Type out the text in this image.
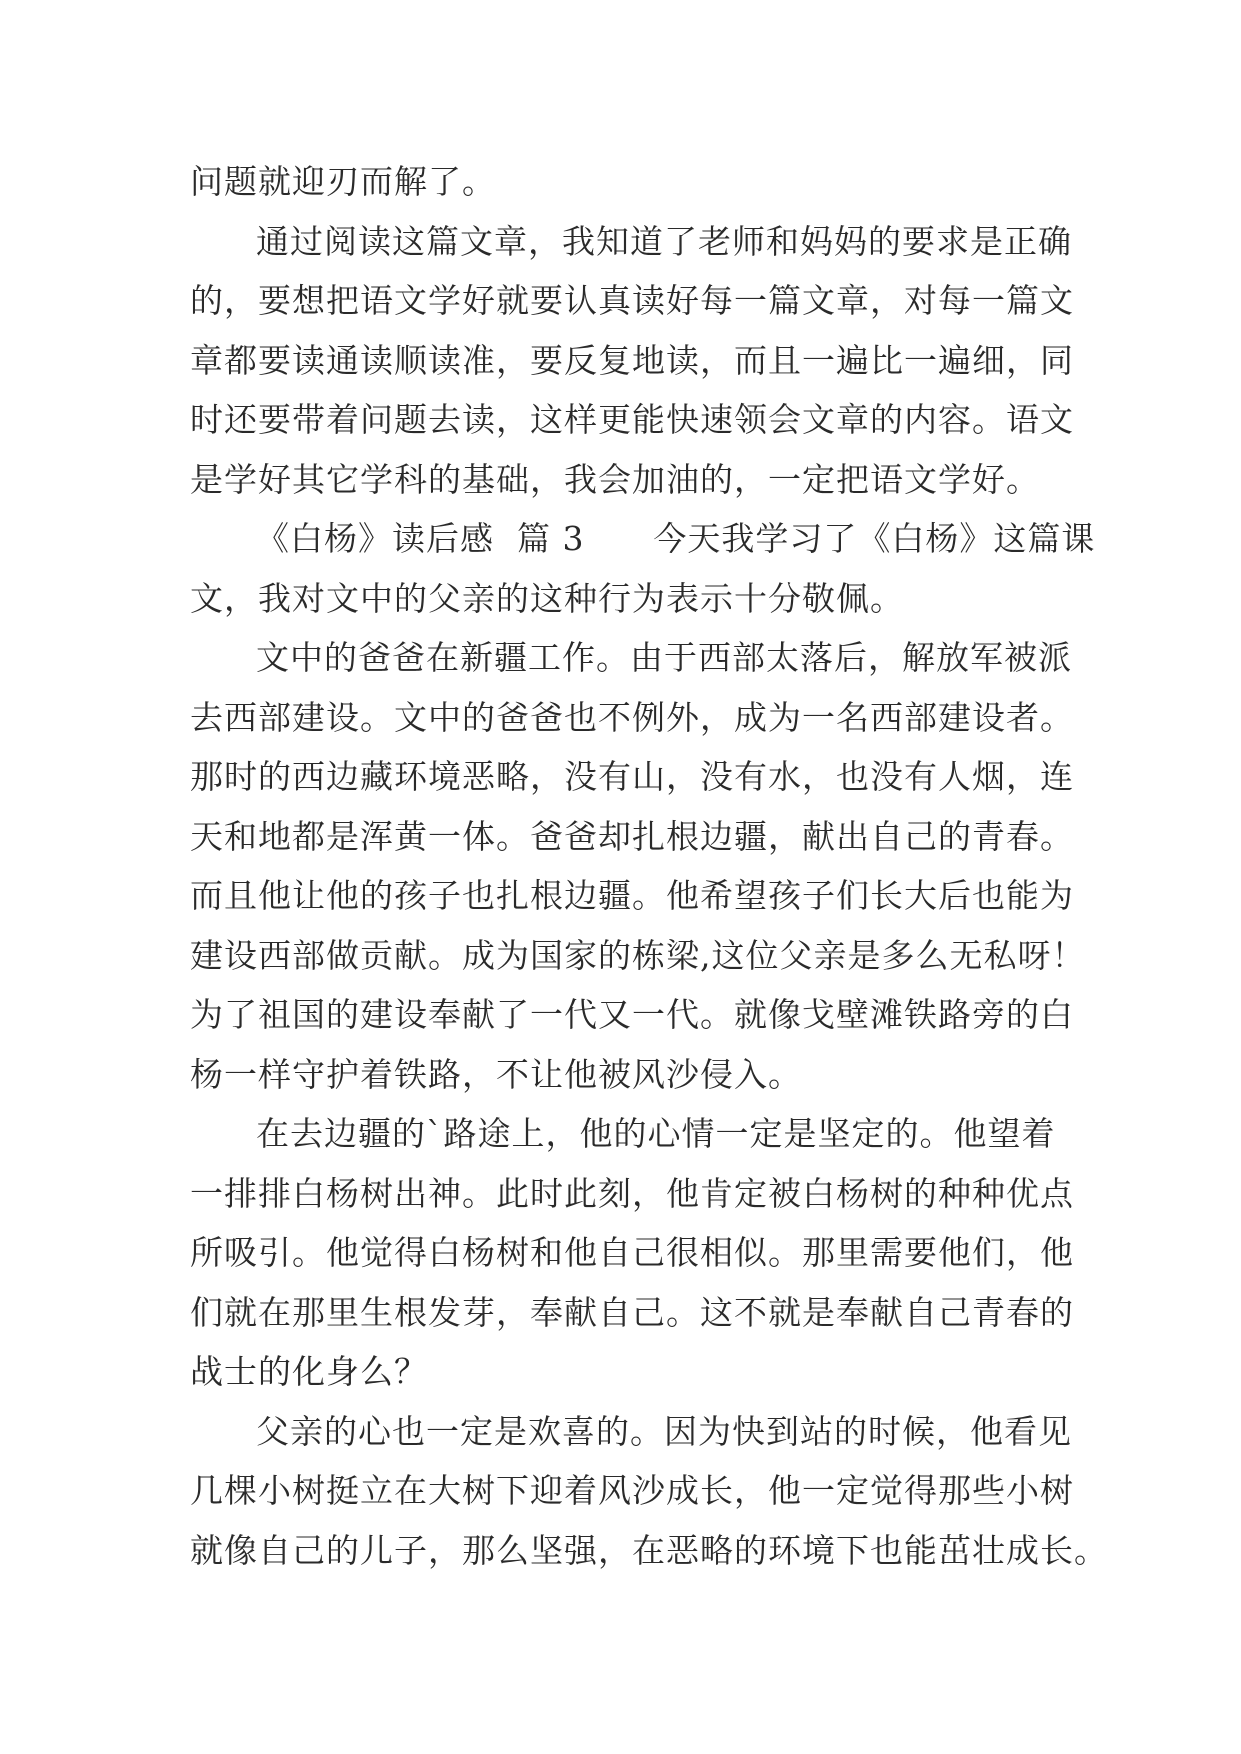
问题就迎刃而解了。
通过阅读这篇文章，我知道了老师和妈妈的要求是正确
的，要想把语文学好就要认真读好每一篇文章，对每一篇文
章都要读通读顺读准，要反复地读，而且一遍比一遍细，同
时还要带着问题去读，这样更能快速领会文章的内容。语文
是学好其它学科的基础，我会加油的，一定把语文学好。
《白杨》读后感  篇 3      今天我学习了《白杨》这篇课
文，我对文中的父亲的这种行为表示十分敬佩。
文中的爸爸在新疆工作。由于西部太落后，解放军被派
去西部建设。文中的爸爸也不例外，成为一名西部建设者。
那时的西边藏环境恶略，没有山，没有水，也没有人烟，连
天和地都是浑黄一体。爸爸却扎根边疆，献出自己的青春。
而且他让他的孩子也扎根边疆。他希望孩子们长大后也能为
建设西部做贡献。成为国家的栋梁,这位父亲是多么无私呀！
为了祖国的建设奉献了一代又一代。就像戈壁滩铁路旁的白
杨一样守护着铁路，不让他被风沙侵入。
在去边疆的`路途上，他的心情一定是坚定的。他望着
一排排白杨树出神。此时此刻，他肯定被白杨树的种种优点
所吸引。他觉得白杨树和他自己很相似。那里需要他们，他
们就在那里生根发芽，奉献自己。这不就是奉献自己青春的
战士的化身么？
父亲的心也一定是欢喜的。因为快到站的时候，他看见
几棵小树挺立在大树下迎着风沙成长，他一定觉得那些小树
就像自己的儿子，那么坚强，在恶略的环境下也能茁壮成长。
